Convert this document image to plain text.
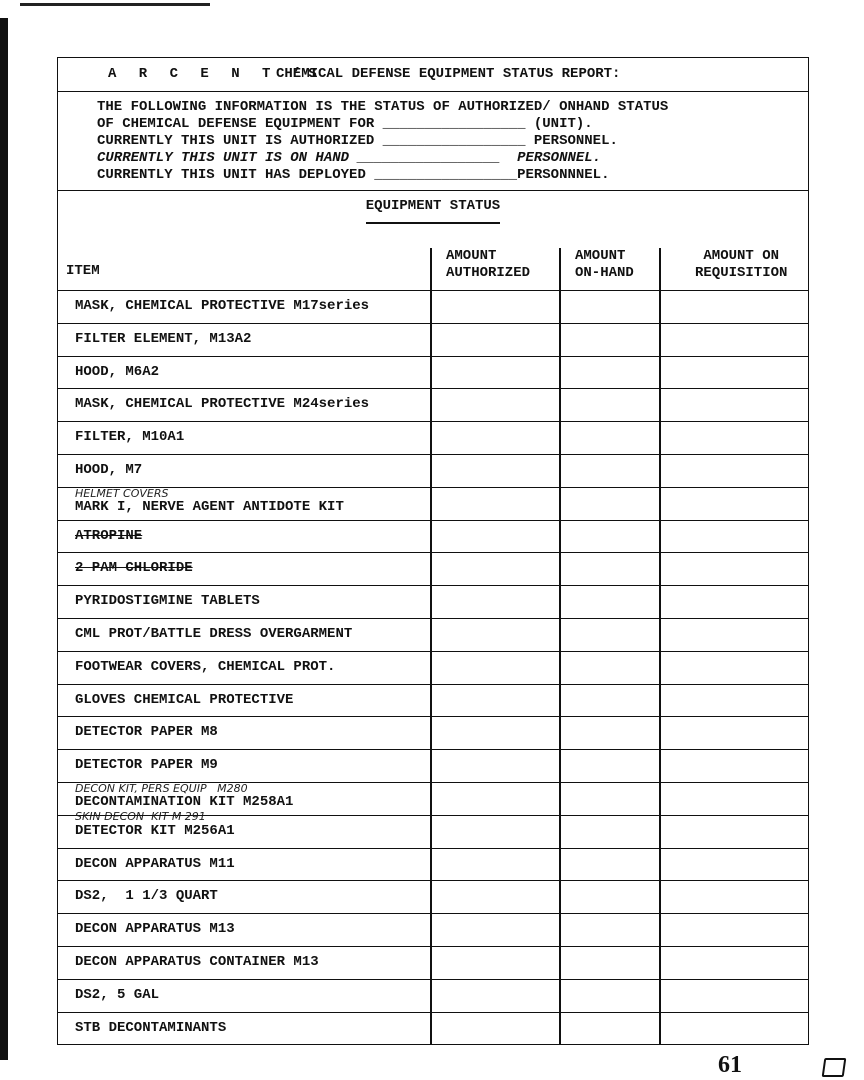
A R C E N T ’S
CHEMICAL DEFENSE EQUIPMENT STATUS REPORT:
THE FOLLOWING INFORMATION IS THE STATUS OF AUTHORIZED/ ONHAND STATUS
OF CHEMICAL DEFENSE EQUIPMENT FOR _________________ (UNIT).
CURRENTLY THIS UNIT IS AUTHORIZED _________________ PERSONNEL.
CURRENTLY THIS UNIT IS ON HAND _________________  PERSONNEL.
CURRENTLY THIS UNIT HAS DEPLOYED _________________PERSONNNEL.
EQUIPMENT STATUS
ITEM
AMOUNT
AUTHORIZED
AMOUNT
ON-HAND
AMOUNT ON
REQUISITION
MASK, CHEMICAL PROTECTIVE M17series
FILTER ELEMENT, M13A2
HOOD, M6A2
MASK, CHEMICAL PROTECTIVE M24series
FILTER, M10A1
HOOD, M7
MARK I, NERVE AGENT ANTIDOTE KIT
HELMET COVERS
ATROPINE
2 PAM CHLORIDE
PYRIDOSTIGMINE TABLETS
CML PROT/BATTLE DRESS OVERGARMENT
FOOTWEAR COVERS, CHEMICAL PROT.
GLOVES CHEMICAL PROTECTIVE
DETECTOR PAPER M8
DETECTOR PAPER M9
DECONTAMINATION KIT M258A1
DECON KIT, PERS EQUIP   M280
SKIN DECON  KIT M 291
DETECTOR KIT M256A1
DECON APPARATUS M11
DS2,  1 1/3 QUART
DECON APPARATUS M13
DECON APPARATUS CONTAINER M13
DS2, 5 GAL
STB DECONTAMINANTS
61
